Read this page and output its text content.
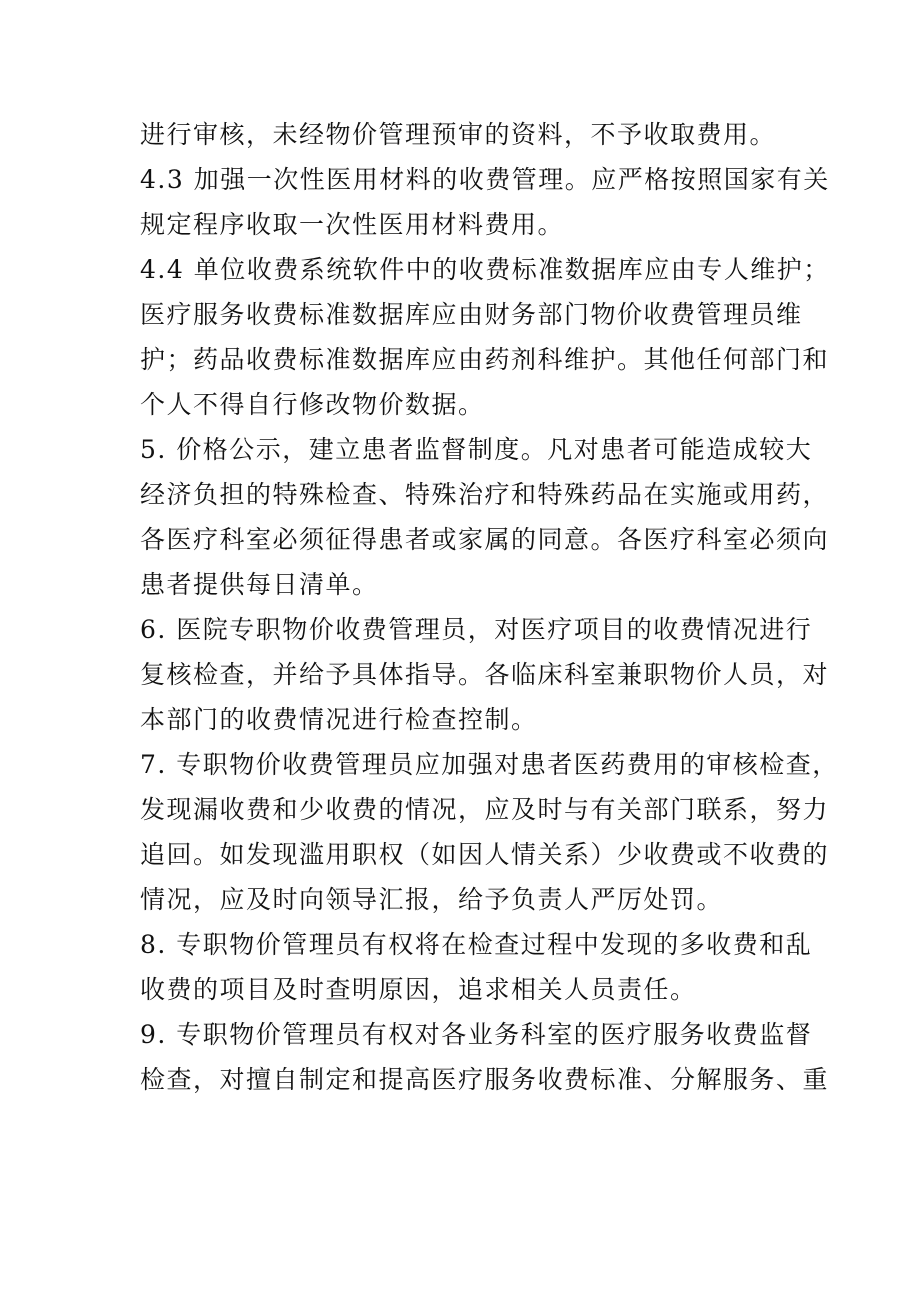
进行审核，未经物价管理预审的资料，不予收取费用。
4.3 加强一次性医用材料的收费管理。应严格按照国家有关
规定程序收取一次性医用材料费用。
4.4 单位收费系统软件中的收费标准数据库应由专人维护；
医疗服务收费标准数据库应由财务部门物价收费管理员维
护；药品收费标准数据库应由药剂科维护。其他任何部门和
个人不得自行修改物价数据。
5. 价格公示，建立患者监督制度。凡对患者可能造成较大
经济负担的特殊检查、特殊治疗和特殊药品在实施或用药，
各医疗科室必须征得患者或家属的同意。各医疗科室必须向
患者提供每日清单。
6. 医院专职物价收费管理员，对医疗项目的收费情况进行
复核检查，并给予具体指导。各临床科室兼职物价人员，对
本部门的收费情况进行检查控制。
7. 专职物价收费管理员应加强对患者医药费用的审核检查，
发现漏收费和少收费的情况，应及时与有关部门联系，努力
追回。如发现滥用职权（如因人情关系）少收费或不收费的
情况，应及时向领导汇报，给予负责人严厉处罚。
8. 专职物价管理员有权将在检查过程中发现的多收费和乱
收费的项目及时查明原因，追求相关人员责任。
9. 专职物价管理员有权对各业务科室的医疗服务收费监督
检查，对擅自制定和提高医疗服务收费标准、分解服务、重
